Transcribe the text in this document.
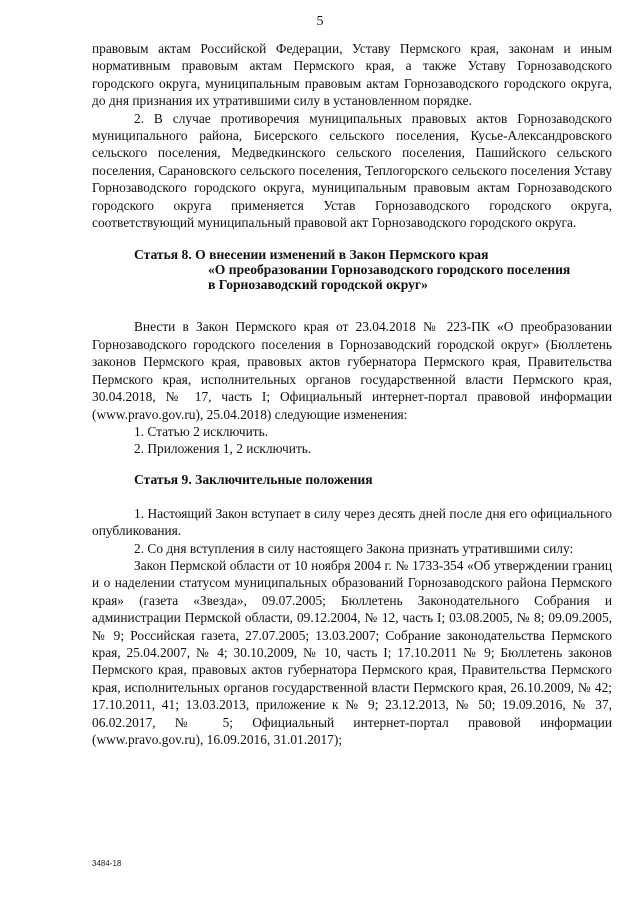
5

правовым актам Российской Федерации, Уставу Пермского края, законам и иным нормативным правовым актам Пермского края, а также Уставу Горнозаводского городского округа, муниципальным правовым актам Горнозаводского городского округа, до дня признания их утратившими силу в установленном порядке.

2. В случае противоречия муниципальных правовых актов Горнозаводского муниципального района, Бисерского сельского поселения, Кусье-Александровского сельского поселения, Медведкинского сельского поселения, Пашийского сельского поселения, Сарановского сельского поселения, Теплогорского сельского поселения Уставу Горнозаводского городского округа, муниципальным правовым актам Горнозаводского городского округа применяется Устав Горнозаводского городского округа, соответствующий муниципальный правовой акт Горнозаводского городского округа.

Статья 8. О внесении изменений в Закон Пермского края
«О преобразовании Горнозаводского городского поселения
в Горнозаводский городской округ»

Внести в Закон Пермского края от 23.04.2018 № 223-ПК «О преобразовании Горнозаводского городского поселения в Горнозаводский городской округ» (Бюллетень законов Пермского края, правовых актов губернатора Пермского края, Правительства Пермского края, исполнительных органов государственной власти Пермского края, 30.04.2018, № 17, часть I; Официальный интернет-портал правовой информации (www.pravo.gov.ru), 25.04.2018) следующие изменения:

1. Статью 2 исключить.

2. Приложения 1, 2 исключить.

Статья 9. Заключительные положения

1. Настоящий Закон вступает в силу через десять дней после дня его официального опубликования.

2. Со дня вступления в силу настоящего Закона признать утратившими силу:

Закон Пермской области от 10 ноября 2004 г. № 1733-354 «Об утверждении границ и о наделении статусом муниципальных образований Горнозаводского района Пермского края» (газета «Звезда», 09.07.2005; Бюллетень Законодательного Собрания и администрации Пермской области, 09.12.2004, № 12, часть I; 03.08.2005, № 8; 09.09.2005, № 9; Российская газета, 27.07.2005; 13.03.2007; Собрание законодательства Пермского края, 25.04.2007, № 4; 30.10.2009, № 10, часть I; 17.10.2011 № 9; Бюллетень законов Пермского края, правовых актов губернатора Пермского края, Правительства Пермского края, исполнительных органов государственной власти Пермского края, 26.10.2009, № 42; 17.10.2011, 41; 13.03.2013, приложение к № 9; 23.12.2013, № 50; 19.09.2016, № 37, 06.02.2017, № 5; Официальный интернет-портал правовой информации (www.pravo.gov.ru), 16.09.2016, 31.01.2017);

3484-18
